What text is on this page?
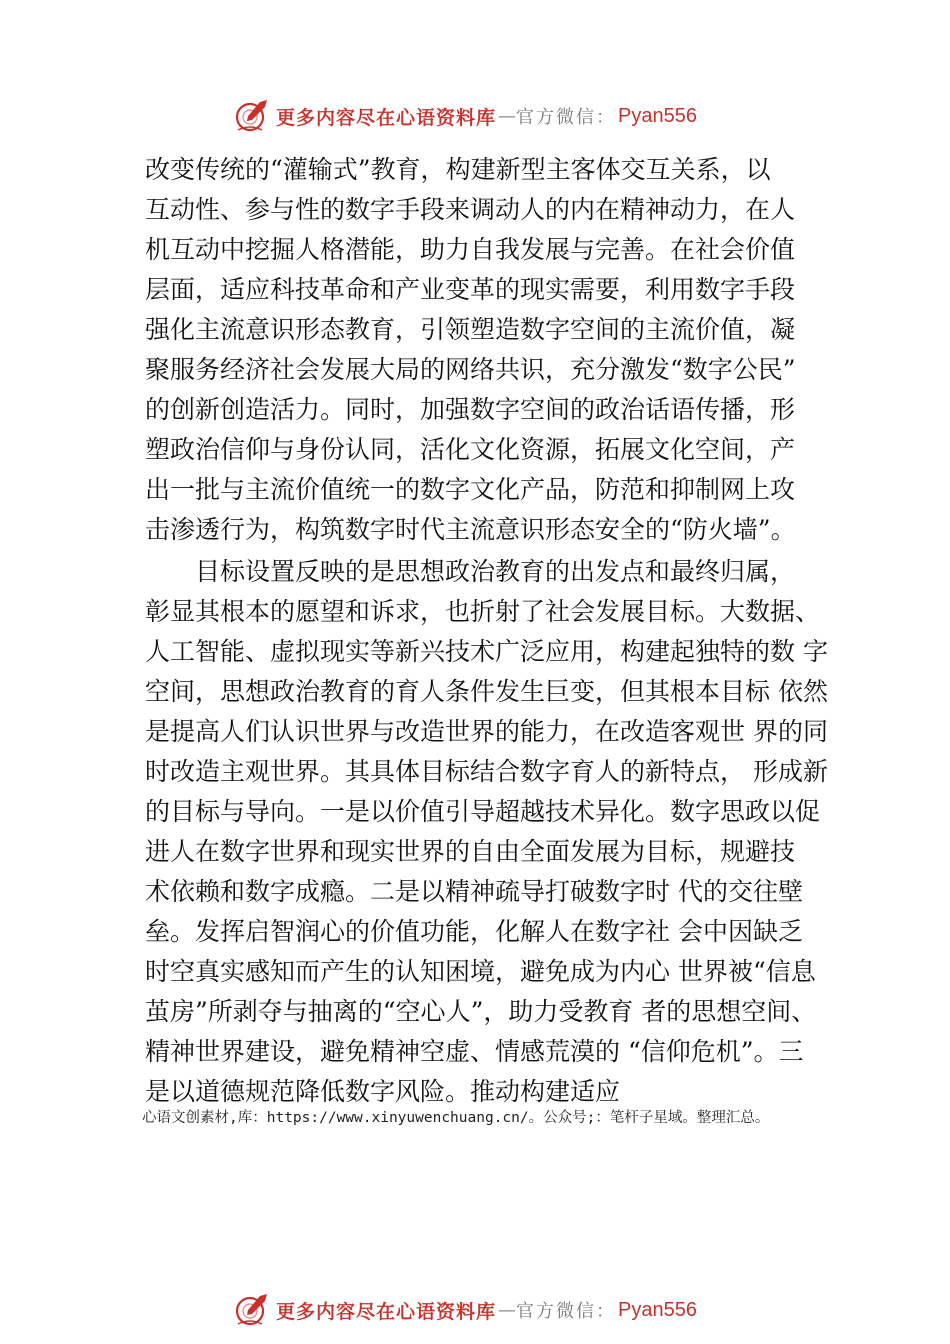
更多内容尽在心语资料库 — 官方微信： Pyan556
改变传统的“灌输式”教育，构建新型主客体交互关系，以
互动性、参与性的数字手段来调动人的内在精神动力，在人
机互动中挖掘人格潜能，助力自我发展与完善。在社会价值
层面，适应科技革命和产业变革的现实需要，利用数字手段
强化主流意识形态教育，引领塑造数字空间的主流价值，凝
聚服务经济社会发展大局的网络共识，充分激发“数字公民”
的创新创造活力。同时，加强数字空间的政治话语传播，形
塑政治信仰与身份认同，活化文化资源，拓展文化空间，产
出一批与主流价值统一的数字文化产品，防范和抑制网上攻
击渗透行为，构筑数字时代主流意识形态安全的“防火墙”。
　　目标设置反映的是思想政治教育的出发点和最终归属，
彰显其根本的愿望和诉求，也折射了社会发展目标。大数据、
人工智能、虚拟现实等新兴技术广泛应用，构建起独特的数 字
空间，思想政治教育的育人条件发生巨变，但其根本目标 依然
是提高人们认识世界与改造世界的能力，在改造客观世 界的同
时改造主观世界。其具体目标结合数字育人的新特点， 形成新
的目标与导向。一是以价值引导超越技术异化。数字思政以促
进人在数字世界和现实世界的自由全面发展为目标，规避技
术依赖和数字成瘾。二是以精神疏导打破数字时 代的交往壁
垒。发挥启智润心的价值功能，化解人在数字社 会中因缺乏
时空真实感知而产生的认知困境，避免成为内心 世界被“信息
茧房”所剥夺与抽离的“空心人”，助力受教育 者的思想空间、
精神世界建设，避免精神空虚、情感荒漠的 “信仰危机”。三
是以道德规范降低数字风险。推动构建适应
心语文创素材,库：https://www.xinyuwenchuang.cn/。公众号;：笔杆子星域。整理汇总。
更多内容尽在心语资料库 — 官方微信： Pyan556
